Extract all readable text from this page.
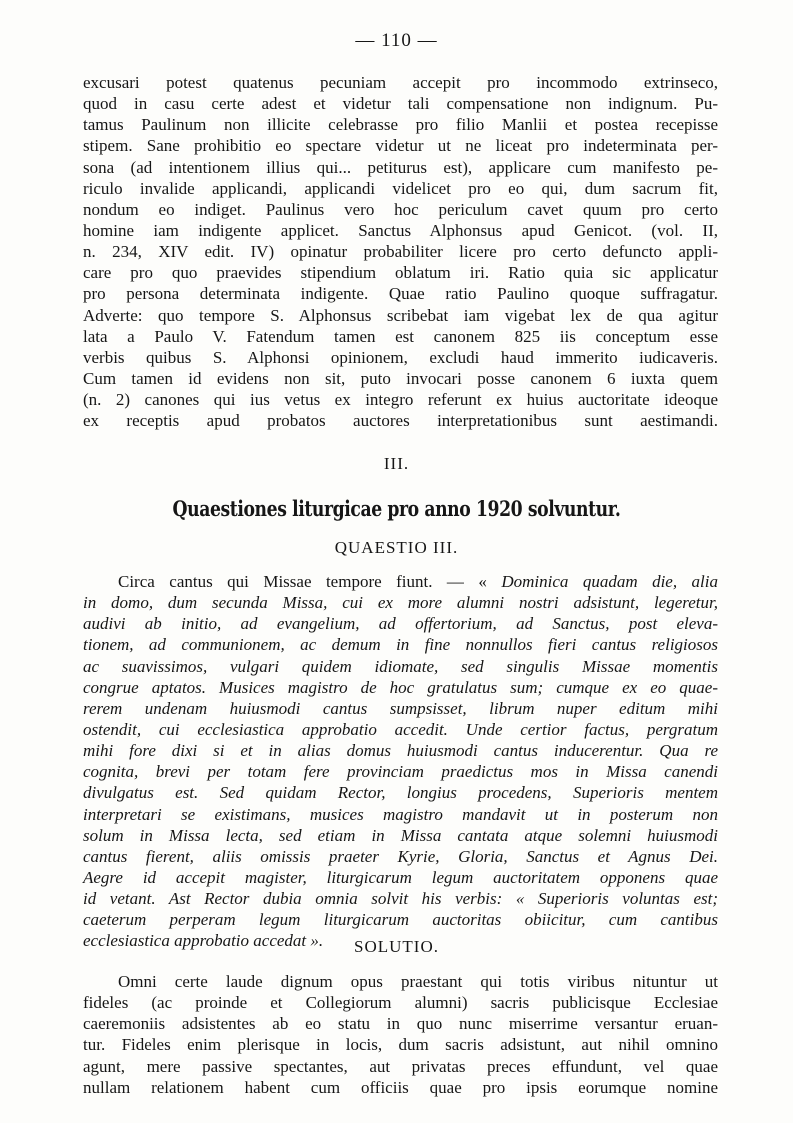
— 110 —
excusari potest quatenus pecuniam accepit pro incommodo extrinseco,
quod in casu certe adest et videtur tali compensatione non indignum. Pu-
tamus Paulinum non illicite celebrasse pro filio Manlii et postea recepisse
stipem. Sane prohibitio eo spectare videtur ut ne liceat pro indeterminata per-
sona (ad intentionem illius qui... petiturus est), applicare cum manifesto pe-
riculo invalide applicandi, applicandi videlicet pro eo qui, dum sacrum fit,
nondum eo indiget. Paulinus vero hoc periculum cavet quum pro certo
homine iam indigente applicet. Sanctus Alphonsus apud Genicot. (vol. II,
n. 234, XIV edit. IV) opinatur probabiliter licere pro certo defuncto appli-
care pro quo praevides stipendium oblatum iri. Ratio quia sic applicatur
pro persona determinata indigente. Quae ratio Paulino quoque suffragatur.
Adverte: quo tempore S. Alphonsus scribebat iam vigebat lex de qua agitur
lata a Paulo V. Fatendum tamen est canonem 825 iis conceptum esse
verbis quibus S. Alphonsi opinionem, excludi haud immerito iudicaveris.
Cum tamen id evidens non sit, puto invocari posse canonem 6 iuxta quem
(n. 2) canones qui ius vetus ex integro referunt ex huius auctoritate ideoque
ex receptis apud probatos auctores interpretationibus sunt aestimandi.
III.
Quaestiones liturgicae pro anno 1920 solvuntur.
QUAESTIO III.
Circa cantus qui Missae tempore fiunt. — « Dominica quadam die, alia
in domo, dum secunda Missa, cui ex more alumni nostri adsistunt, legeretur,
audivi ab initio, ad evangelium, ad offertorium, ad Sanctus, post eleva-
tionem, ad communionem, ac demum in fine nonnullos fieri cantus religiosos
ac suavissimos, vulgari quidem idiomate, sed singulis Missae momentis
congrue aptatos. Musices magistro de hoc gratulatus sum; cumque ex eo quae-
rerem undenam huiusmodi cantus sumpsisset, librum nuper editum mihi
ostendit, cui ecclesiastica approbatio accedit. Unde certior factus, pergratum
mihi fore dixi si et in alias domus huiusmodi cantus inducerentur. Qua re
cognita, brevi per totam fere provinciam praedictus mos in Missa canendi
divulgatus est. Sed quidam Rector, longius procedens, Superioris mentem
interpretari se existimans, musices magistro mandavit ut in posterum non
solum in Missa lecta, sed etiam in Missa cantata atque solemni huiusmodi
cantus fierent, aliis omissis praeter Kyrie, Gloria, Sanctus et Agnus Dei.
Aegre id accepit magister, liturgicarum legum auctoritatem opponens quae
id vetant. Ast Rector dubia omnia solvit his verbis: « Superioris voluntas est;
caeterum perperam legum liturgicarum auctoritas obiicitur, cum cantibus
ecclesiastica approbatio accedat ».	SOLUTIO.
Omni certe laude dignum opus praestant qui totis viribus nituntur ut
fideles (ac proinde et Collegiorum alumni) sacris publicisque Ecclesiae
caeremoniis adsistentes ab eo statu in quo nunc miserrime versantur eruan-
tur. Fideles enim plerisque in locis, dum sacris adsistunt, aut nihil omnino
agunt, mere passive spectantes, aut privatas preces effundunt, vel quae
nullam relationem habent cum officiis quae pro ipsis eorumque nomine
